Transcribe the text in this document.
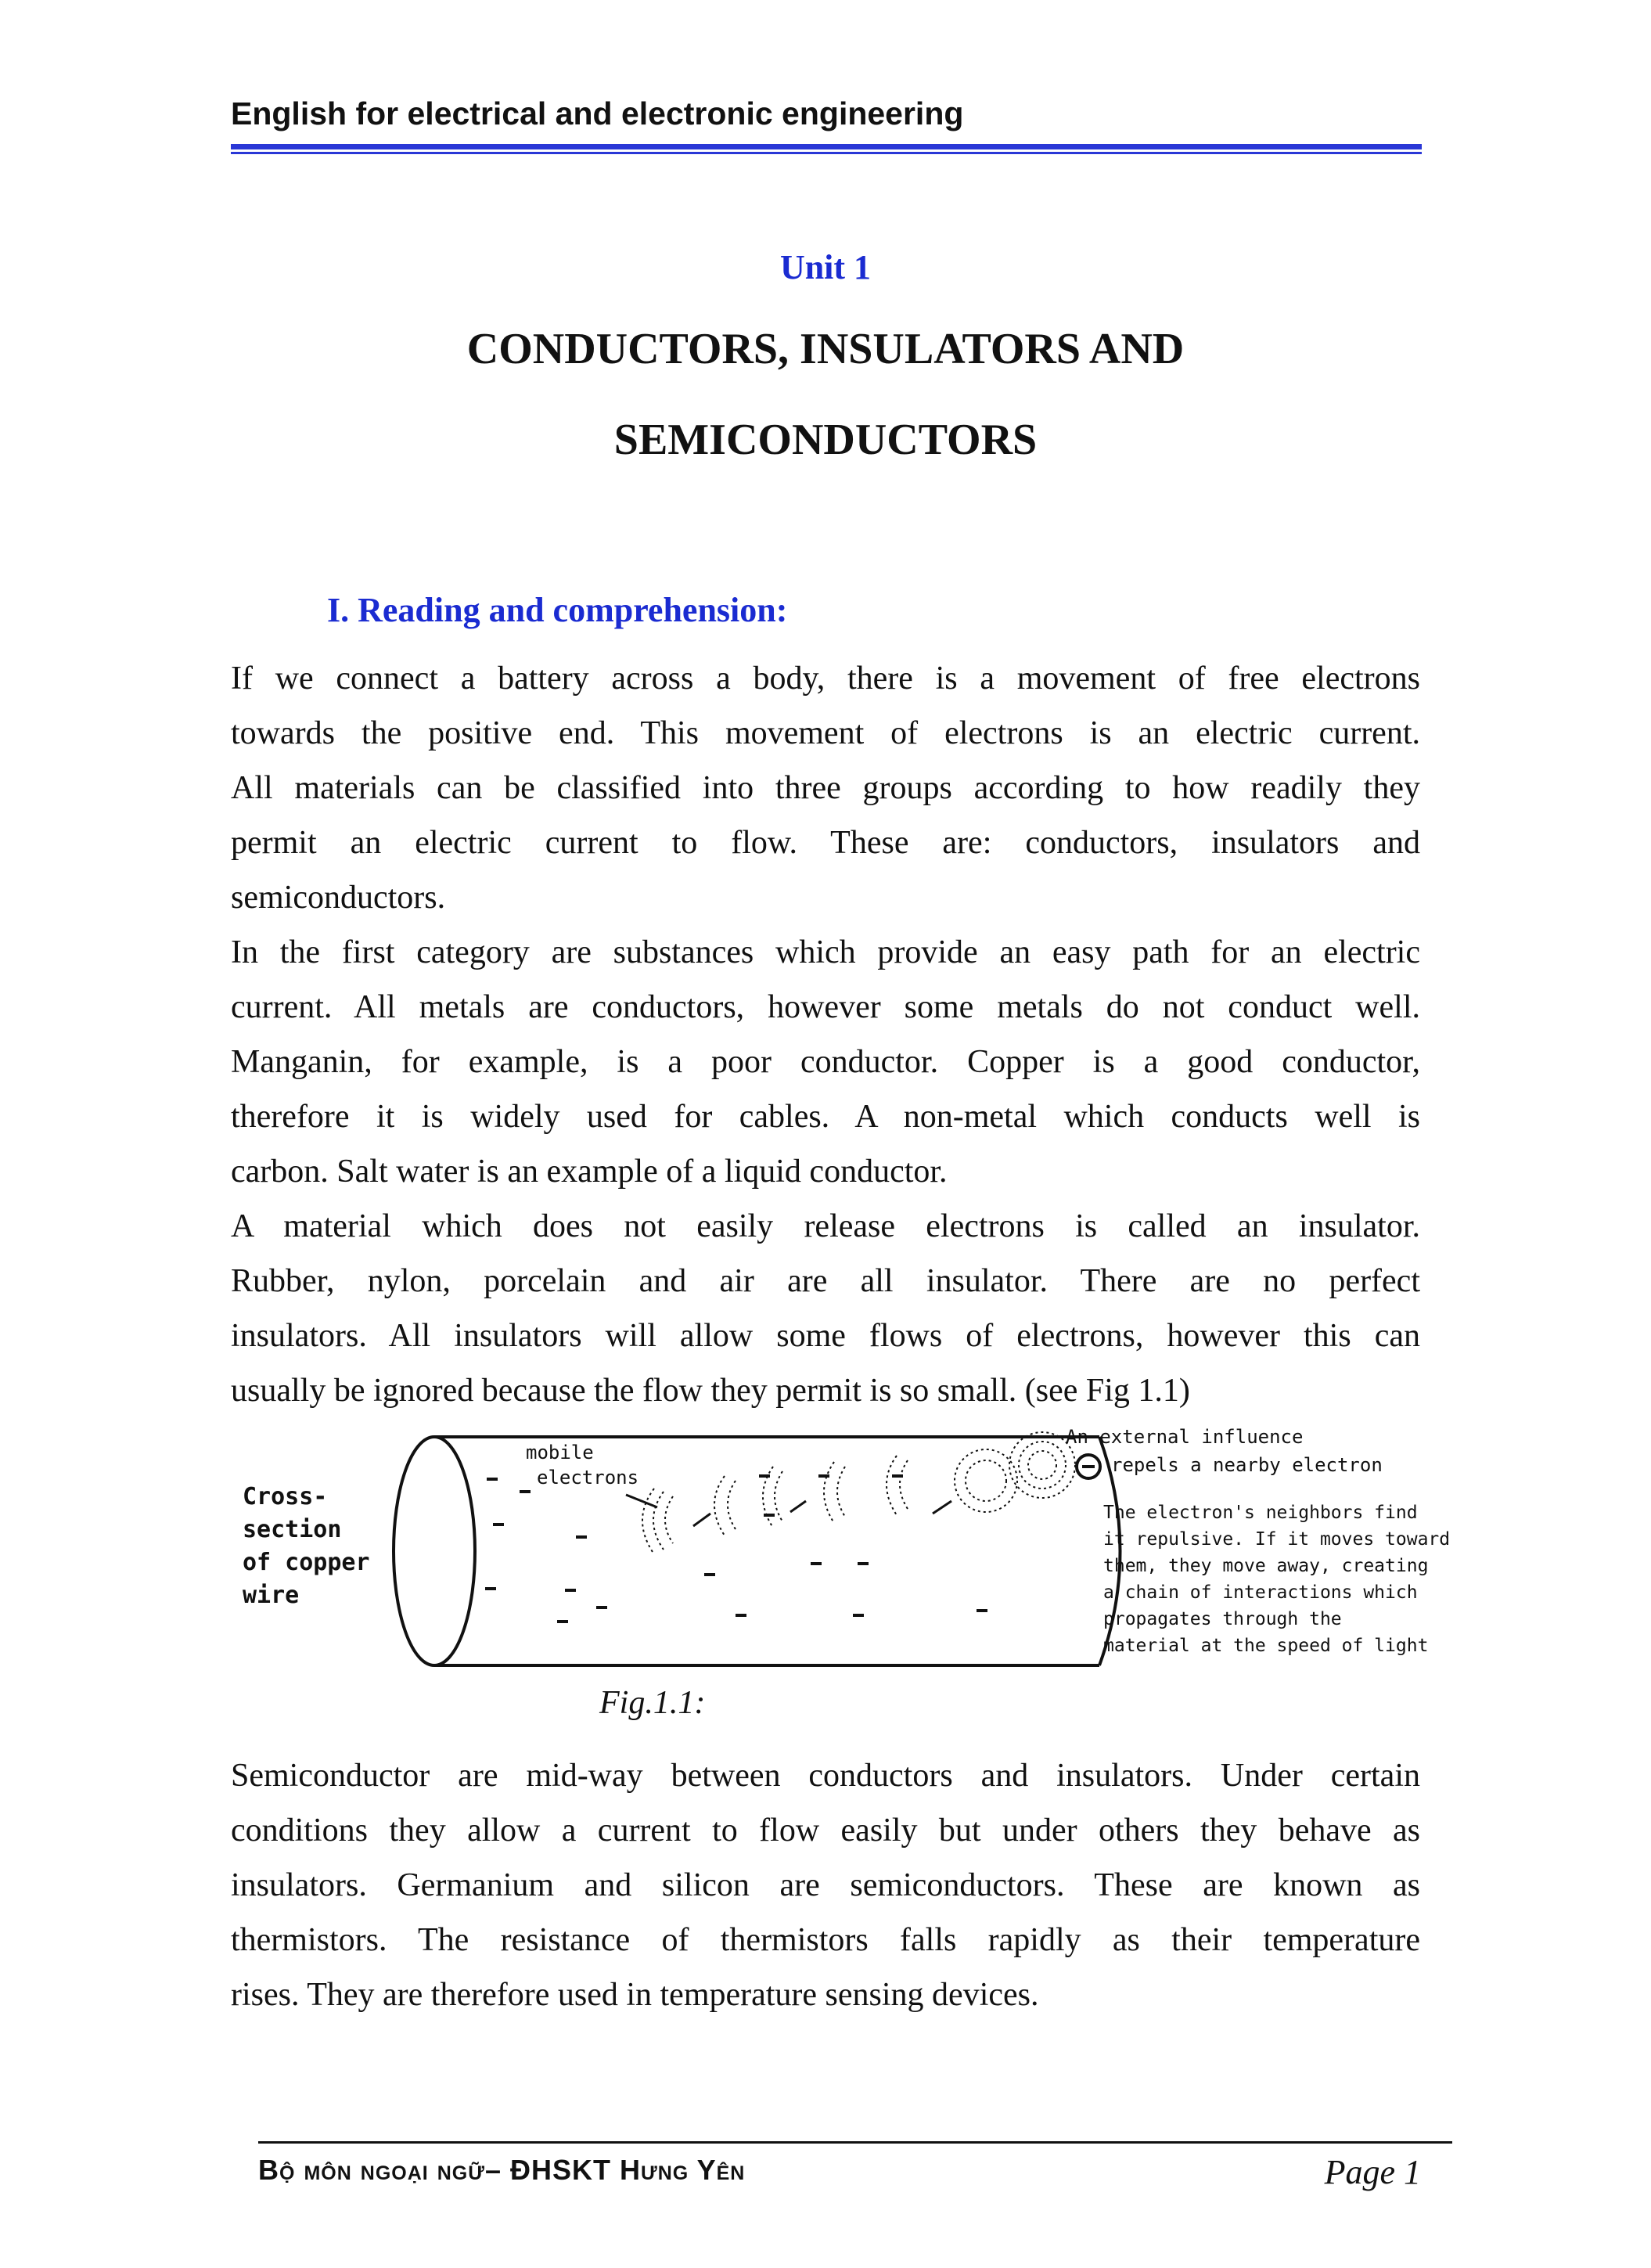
English for electrical and electronic engineering
Unit 1
CONDUCTORS, INSULATORS AND
SEMICONDUCTORS
I. Reading and comprehension:
If we connect a battery across a body, there is a movement of free electrons
towards the positive end. This movement of electrons is an electric current.
All materials can be classified into three groups according to how readily they
permit an electric current to flow. These are: conductors, insulators and
semiconductors.
In the first category are substances which provide an easy path for an electric
current. All metals are conductors, however some metals do not conduct well.
Manganin, for example, is a poor conductor. Copper is a good conductor,
therefore it is widely used for cables. A non-metal which conducts well is
carbon. Salt water is an example of a liquid conductor.
A material which does not easily release electrons is called an insulator.
Rubber, nylon, porcelain and air are all insulator. There are no perfect
insulators. All insulators will allow some flows of electrons, however this can
usually be ignored because the flow they permit is so small. (see Fig 1.1)
Cross-
section
of copper
wire
mobile
electrons
An external influence
repels a nearby electron
The electron's neighbors find
it repulsive. If it moves toward
them, they move away, creating
a chain of interactions which
propagates through the
material at the speed of light
Fig.1.1:
Semiconductor are mid-way between conductors and insulators. Under certain
conditions they allow a current to flow easily but under others they behave as
insulators. Germanium and silicon are semiconductors. These are known as
thermistors. The resistance of thermistors falls rapidly as their temperature
rises. They are therefore used in temperature sensing devices.
Bộ môn ngoại ngữ– ĐHSKT Hưng Yên	Page 1
